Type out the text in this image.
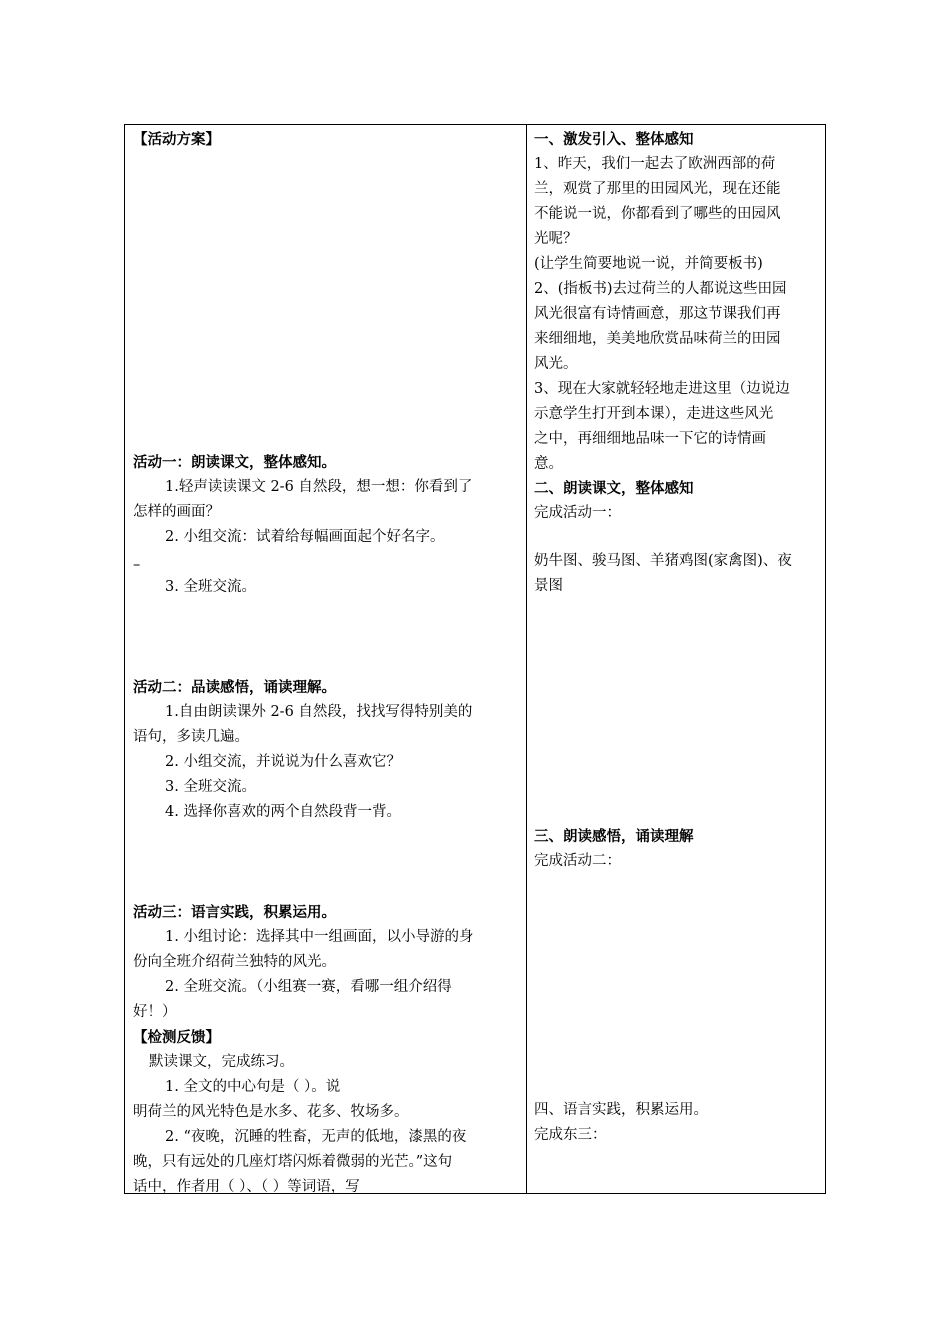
【活动方案】

活动一：朗读课文，整体感知。

1.轻声读读课文 2-6 自然段，想一想：你看到了

怎样的画面？

2. 小组交流：试着给每幅画面起个好名字。

–

3. 全班交流。

活动二：品读感悟，诵读理解。

1.自由朗读课外 2-6 自然段，找找写得特别美的

语句，多读几遍。

2. 小组交流，并说说为什么喜欢它？

3. 全班交流。

4. 选择你喜欢的两个自然段背一背。

活动三：语言实践，积累运用。

1. 小组讨论：选择其中一组画面，以小导游的身

份向全班介绍荷兰独特的风光。

2. 全班交流。（小组赛一赛，看哪一组介绍得

好！）

【检测反馈】

默读课文，完成练习。

1. 全文的中心句是（ ）。说

明荷兰的风光特色是水多、花多、牧场多。

2. “夜晚，沉睡的牲畜，无声的低地，漆黑的夜

晚，只有远处的几座灯塔闪烁着微弱的光芒。”这句

话中，作者用（ ）、（ ）等词语，写

一、激发引入、整体感知

1、昨天，我们一起去了欧洲西部的荷

兰，观赏了那里的田园风光，现在还能

不能说一说，你都看到了哪些的田园风

光呢？

(让学生简要地说一说，并简要板书)

2、(指板书)去过荷兰的人都说这些田园

风光很富有诗情画意，那这节课我们再

来细细地，美美地欣赏品味荷兰的田园

风光。

3、现在大家就轻轻地走进这里（边说边

示意学生打开到本课），走进这些风光

之中，再细细地品味一下它的诗情画

意。

二、朗读课文，整体感知

完成活动一：

奶牛图、骏马图、羊猪鸡图(家禽图)、夜

景图

三、朗读感悟，诵读理解

完成活动二：

四、语言实践，积累运用。

完成东三：
